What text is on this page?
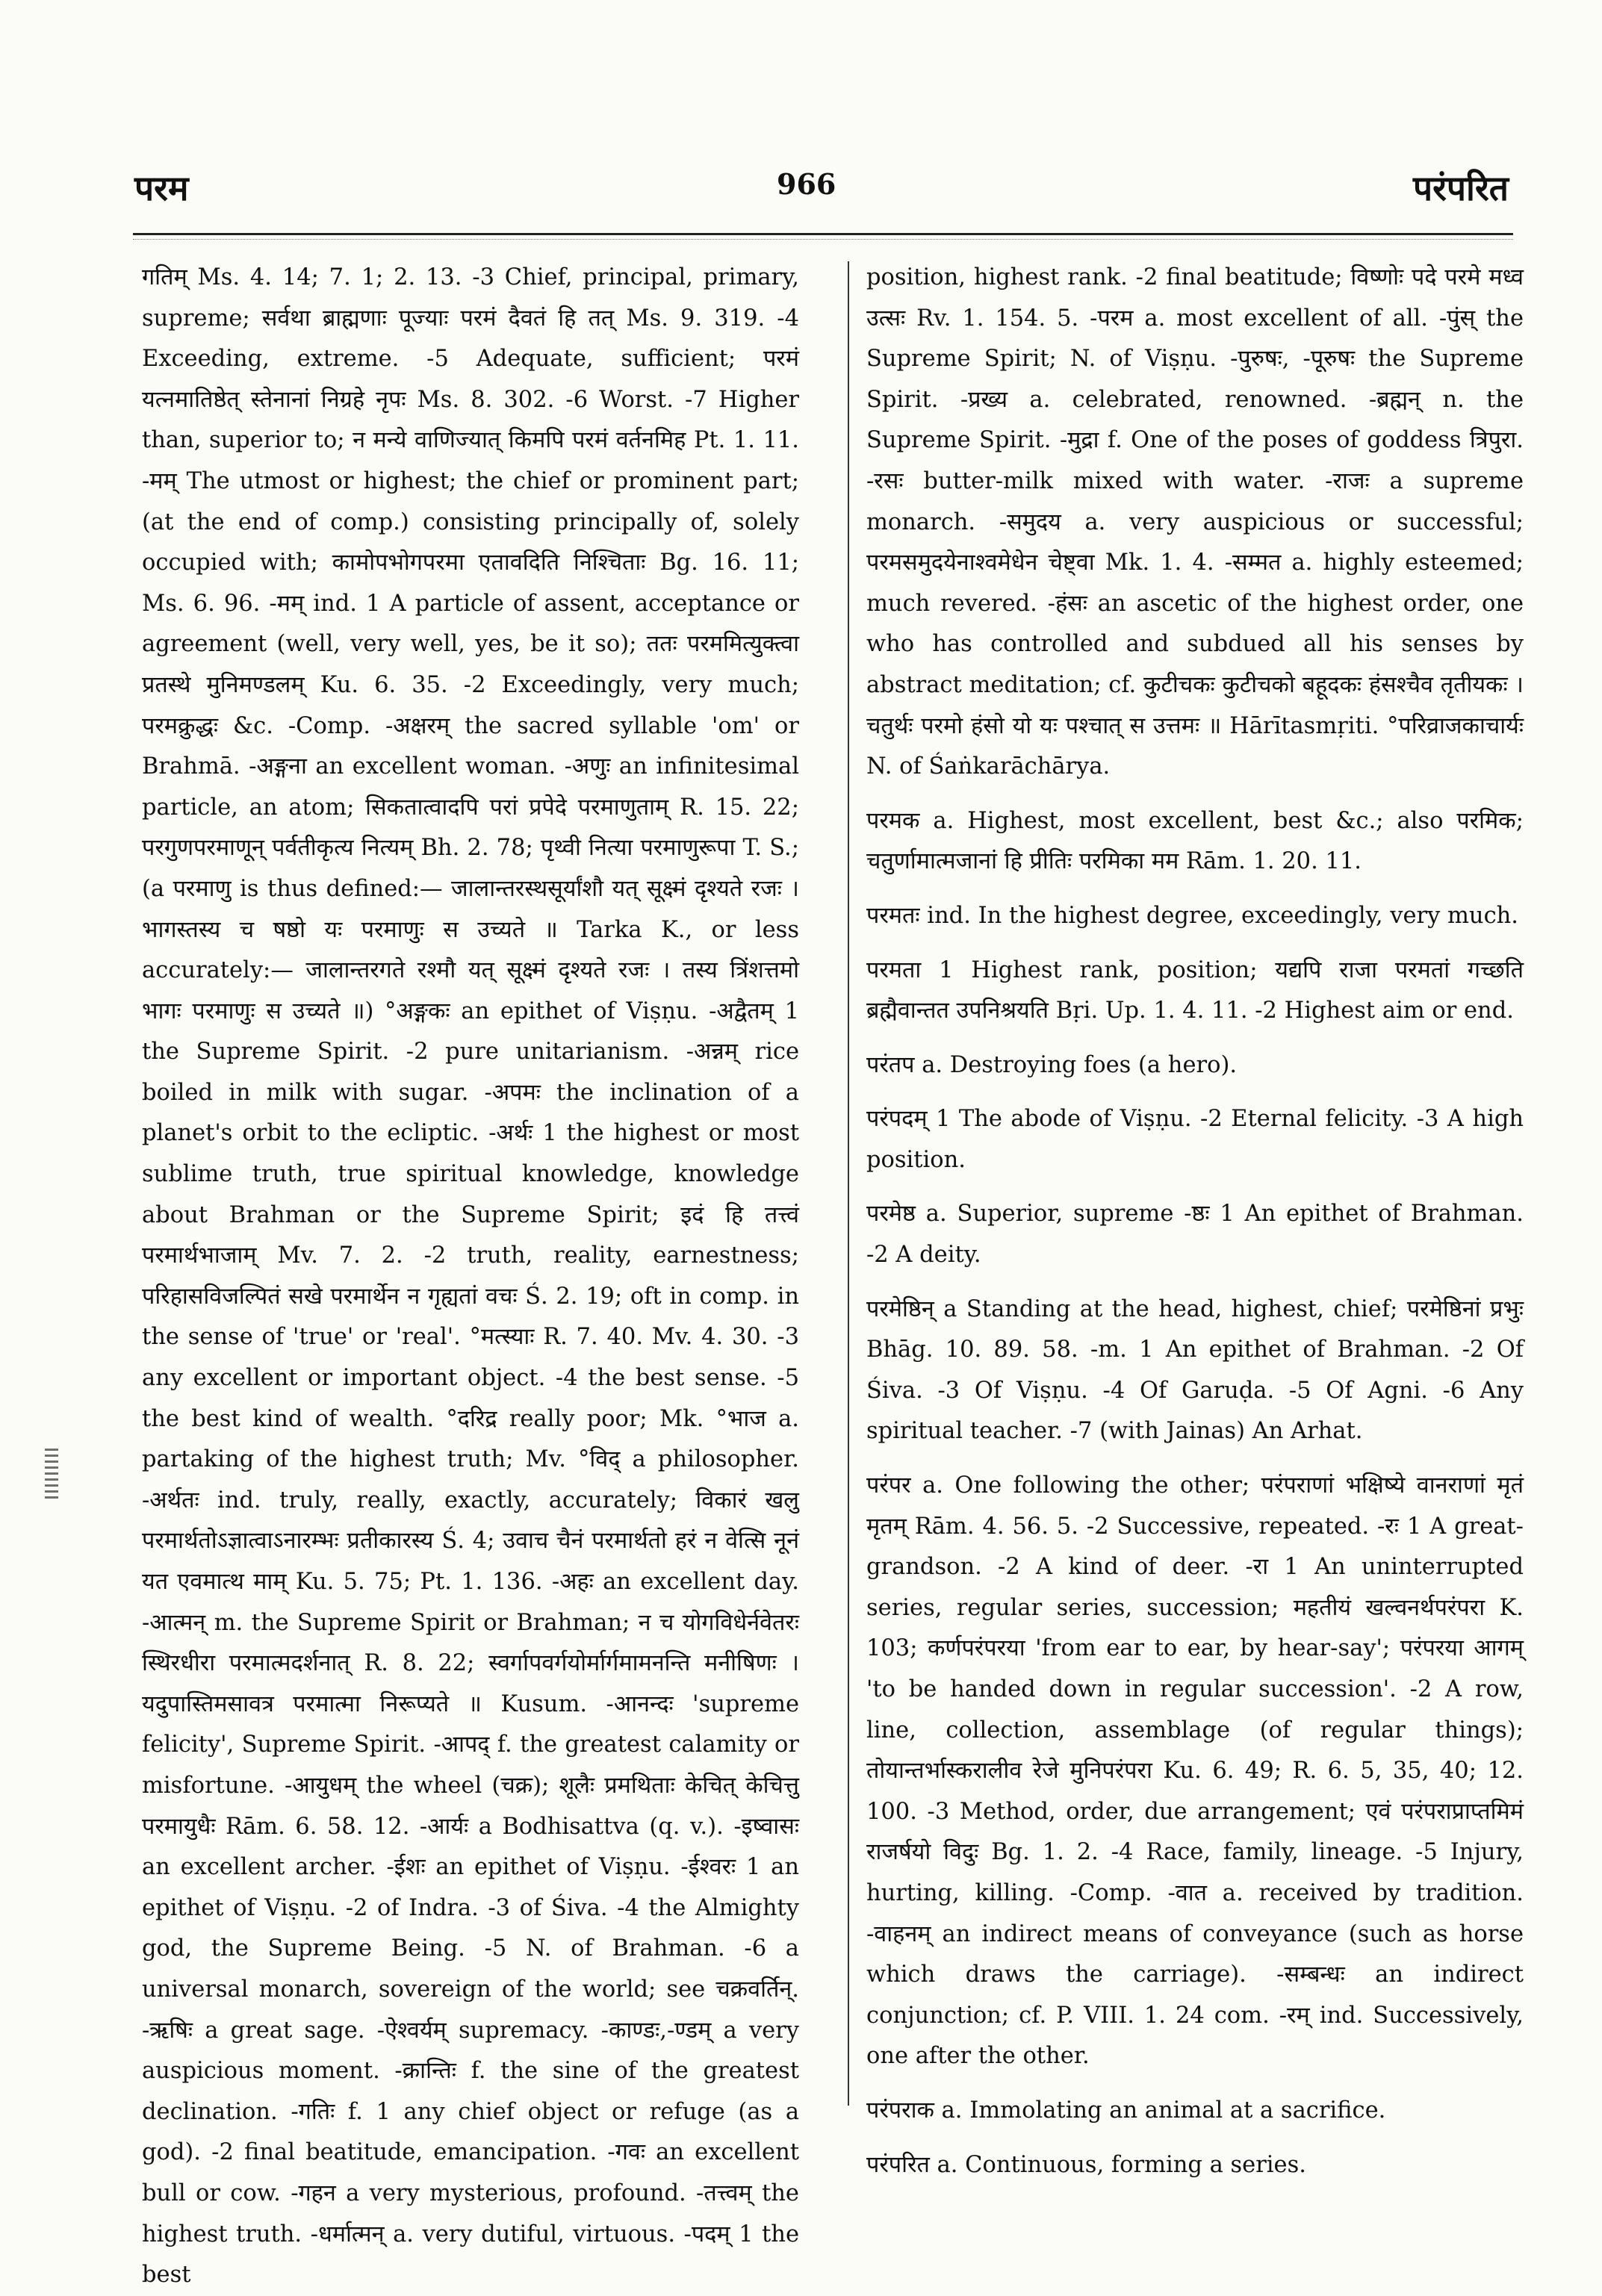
परम	966	परंपरित

गतिम् Ms. 4. 14; 7. 1; 2. 13. -3 Chief, principal, primary, supreme; सर्वथा ब्राह्मणाः पूज्याः परमं दैवतं हि तत् Ms. 9. 319. -4 Exceeding, extreme. -5 Adequate, sufficient; परमं यत्नमातिष्ठेत् स्तेनानां निग्रहे नृपः Ms. 8. 302. -6 Worst. -7 Higher than, superior to; न मन्ये वाणिज्यात् किमपि परमं वर्तनमिह Pt. 1. 11. -मम् The utmost or highest; the chief or prominent part; (at the end of comp.) consisting principally of, solely occupied with; कामोपभोगपरमा एतावदिति निश्चिताः Bg. 16. 11; Ms. 6. 96. -मम् ind. 1 A particle of assent, acceptance or agreement (well, very well, yes, be it so); ततः परममित्युक्त्वा प्रतस्थे मुनिमण्डलम् Ku. 6. 35. -2 Exceedingly, very much; परमक्रुद्धः &c. -Comp. -अक्षरम् the sacred syllable 'om' or Brahmā. -अङ्गना an excellent woman. -अणुः an infinitesimal particle, an atom; सिकतात्वादपि परां प्रपेदे परमाणुताम् R. 15. 22; परगुणपरमाणून् पर्वतीकृत्य नित्यम् Bh. 2. 78; पृथ्वी नित्या परमाणुरूपा T. S.; (a परमाणु is thus defined:— जालान्तरस्थसूर्यांशौ यत् सूक्ष्मं दृश्यते रजः । भागस्तस्य च षष्ठो यः परमाणुः स उच्यते ॥ Tarka K., or less accurately:— जालान्तरगते रश्मौ यत् सूक्ष्मं दृश्यते रजः । तस्य त्रिंशत्तमो भागः परमाणुः स उच्यते ॥) °अङ्गकः an epithet of Viṣṇu. -अद्वैतम् 1 the Supreme Spirit. -2 pure unitarianism. -अन्नम् rice boiled in milk with sugar. -अपमः the inclination of a planet's orbit to the ecliptic. -अर्थः 1 the highest or most sublime truth, true spiritual knowledge, knowledge about Brahman or the Supreme Spirit; इदं हि तत्त्वं परमार्थभाजाम् Mv. 7. 2. -2 truth, reality, earnestness; परिहासविजल्पितं सखे परमार्थेन न गृह्यतां वचः Ś. 2. 19; oft in comp. in the sense of 'true' or 'real'. °मत्स्याः R. 7. 40. Mv. 4. 30. -3 any excellent or important object. -4 the best sense. -5 the best kind of wealth. °दरिद्र really poor; Mk. °भाज a. partaking of the highest truth; Mv. °विद् a philosopher. -अर्थतः ind. truly, really, exactly, accurately; विकारं खलु परमार्थतोऽज्ञात्वाऽनारम्भः प्रतीकारस्य Ś. 4; उवाच चैनं परमार्थतो हरं न वेत्सि नूनं यत एवमात्थ माम् Ku. 5. 75; Pt. 1. 136. -अहः an excellent day. -आत्मन् m. the Supreme Spirit or Brahman; न च योगविधेर्नवेतरः स्थिरधीरा परमात्मदर्शनात् R. 8. 22; स्वर्गापवर्गयोर्मार्गमामनन्ति मनीषिणः । यदुपास्तिमसावत्र परमात्मा निरूप्यते ॥ Kusum. -आनन्दः 'supreme felicity', Supreme Spirit. -आपद् f. the greatest calamity or misfortune. -आयुधम् the wheel (चक्र); शूलैः प्रमथिताः केचित् केचित्तु परमायुधैः Rām. 6. 58. 12. -आर्यः a Bodhisattva (q. v.). -इष्वासः an excellent archer. -ईशः an epithet of Viṣṇu. -ईश्वरः 1 an epithet of Viṣṇu. -2 of Indra. -3 of Śiva. -4 the Almighty god, the Supreme Being. -5 N. of Brahman. -6 a universal monarch, sovereign of the world; see चक्रवर्तिन्. -ऋषिः a great sage. -ऐश्वर्यम् supremacy. -काण्डः,-ण्डम् a very auspicious moment. -क्रान्तिः f. the sine of the greatest declination. -गतिः f. 1 any chief object or refuge (as a god). -2 final beatitude, emancipation. -गवः an excellent bull or cow. -गहन a very mysterious, profound. -तत्त्वम् the highest truth. -धर्मात्मन् a. very dutiful, virtuous. -पदम् 1 the best

position, highest rank. -2 final beatitude; विष्णोः पदे परमे मध्व उत्सः Rv. 1. 154. 5. -परम a. most excellent of all. -पुंस् the Supreme Spirit; N. of Viṣṇu. -पुरुषः, -पूरुषः the Supreme Spirit. -प्रख्य a. celebrated, renowned. -ब्रह्मन् n. the Supreme Spirit. -मुद्रा f. One of the poses of goddess त्रिपुरा. -रसः butter-milk mixed with water. -राजः a supreme monarch. -समुदय a. very auspicious or successful; परमसमुदयेनाश्वमेधेन चेष्ट्वा Mk. 1. 4. -सम्मत a. highly esteemed; much revered. -हंसः an ascetic of the highest order, one who has controlled and subdued all his senses by abstract meditation; cf. कुटीचकः कुटीचको बहूदकः हंसश्चैव तृतीयकः । चतुर्थः परमो हंसो यो यः पश्चात् स उत्तमः ॥ Hārītasmṛiti. °परिव्राजकाचार्यः N. of Śaṅkarāchārya.

परमक a. Highest, most excellent, best &c.; also परमिक; चतुर्णामात्मजानां हि प्रीतिः परमिका मम Rām. 1. 20. 11.

परमतः ind. In the highest degree, exceedingly, very much.

परमता 1 Highest rank, position; यद्यपि राजा परमतां गच्छति ब्रह्मैवान्तत उपनिश्रयति Bṛi. Up. 1. 4. 11. -2 Highest aim or end.

परंतप a. Destroying foes (a hero).

परंपदम् 1 The abode of Viṣṇu. -2 Eternal felicity. -3 A high position.

परमेष्ठ a. Superior, supreme -ष्ठः 1 An epithet of Brahman. -2 A deity.

परमेष्ठिन् a Standing at the head, highest, chief; परमेष्ठिनां प्रभुः Bhāg. 10. 89. 58. -m. 1 An epithet of Brahman. -2 Of Śiva. -3 Of Viṣṇu. -4 Of Garuḍa. -5 Of Agni. -6 Any spiritual teacher. -7 (with Jainas) An Arhat.

परंपर a. One following the other; परंपराणां भक्षिष्ये वानराणां मृतं मृतम् Rām. 4. 56. 5. -2 Successive, repeated. -रः 1 A great-grandson. -2 A kind of deer. -रा 1 An uninterrupted series, regular series, succession; महतीयं खल्वनर्थपरंपरा K. 103; कर्णपरंपरया 'from ear to ear, by hear-say'; परंपरया आगम् 'to be handed down in regular succession'. -2 A row, line, collection, assemblage (of regular things); तोयान्तर्भास्करालीव रेजे मुनिपरंपरा Ku. 6. 49; R. 6. 5, 35, 40; 12. 100. -3 Method, order, due arrangement; एवं परंपराप्राप्तमिमं राजर्षयो विदुः Bg. 1. 2. -4 Race, family, lineage. -5 Injury, hurting, killing. -Comp. -वात a. received by tradition. -वाहनम् an indirect means of conveyance (such as horse which draws the carriage). -सम्बन्धः an indirect conjunction; cf. P. VIII. 1. 24 com. -रम् ind. Successively, one after the other.

परंपराक a. Immolating an animal at a sacrifice.

परंपरित a. Continuous, forming a series.
